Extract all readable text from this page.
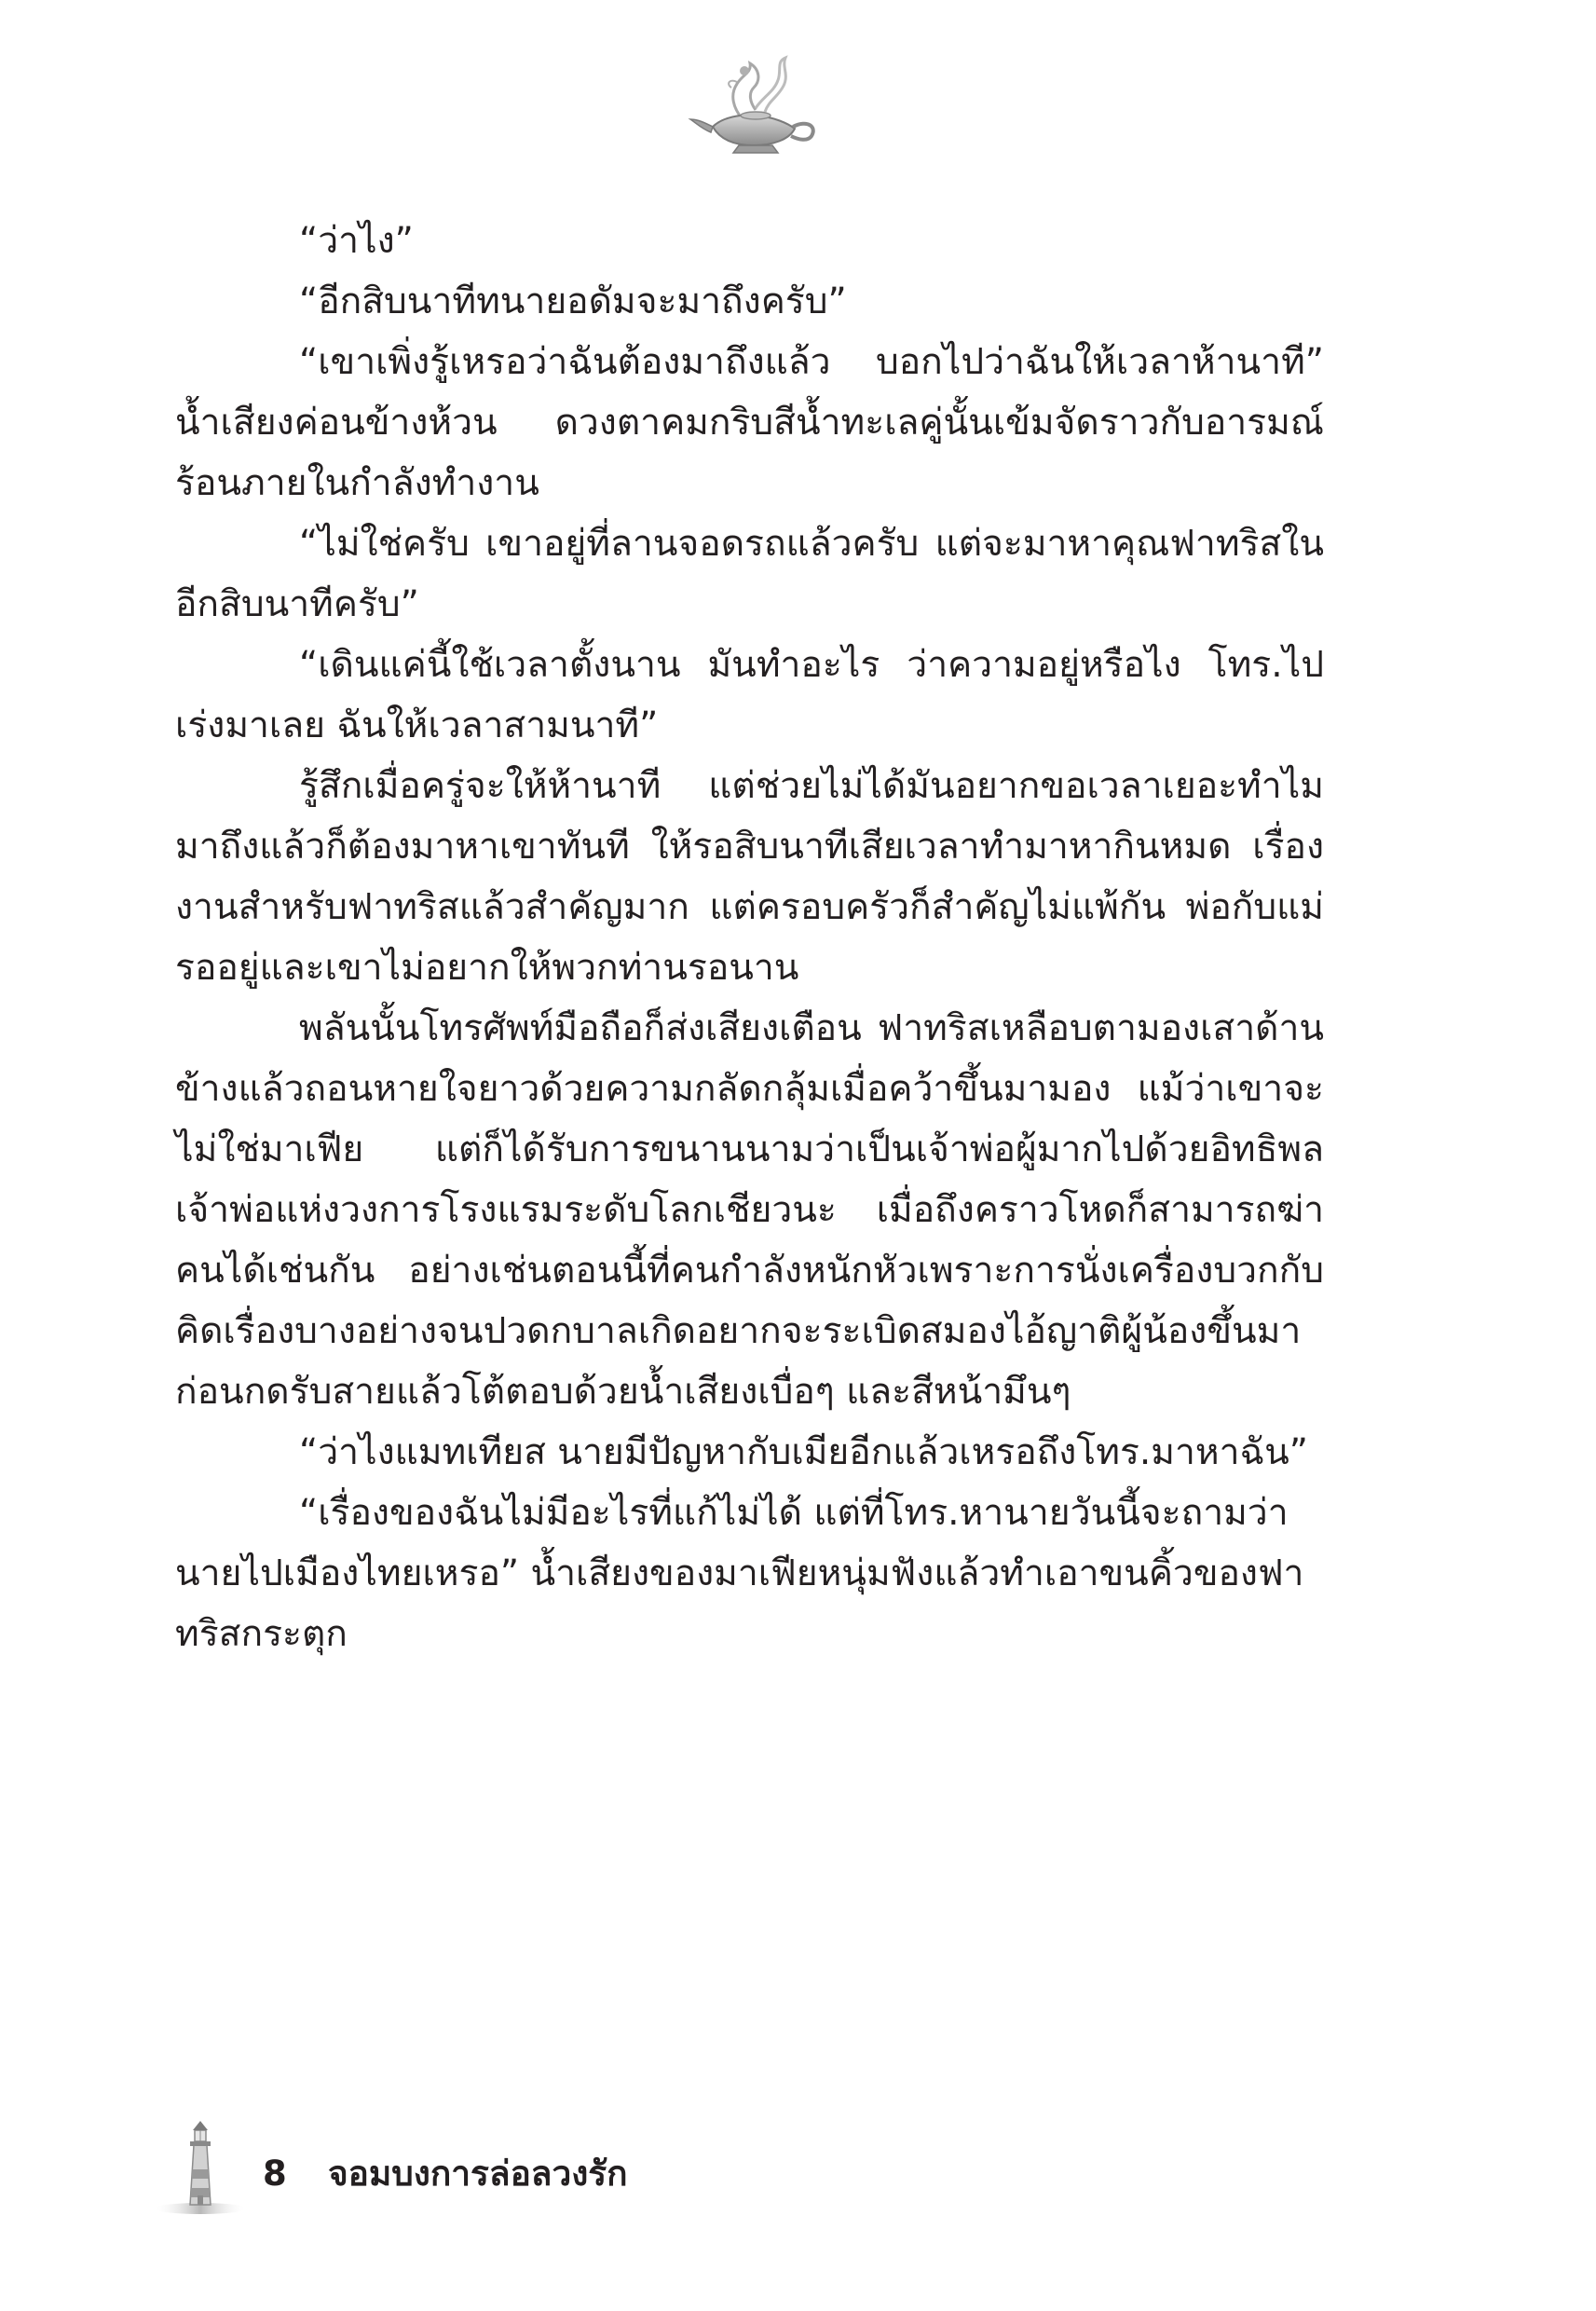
“ว่าไง”

“อีกสิบนาทีทนายอดัมจะมาถึงครับ”

“เขาเพิ่งรู้เหรอว่าฉันต้องมาถึงแล้ว บอกไปว่าฉันให้เวลาห้านาที” น้ำเสียงค่อนข้างห้วน ดวงตาคมกริบสีน้ำทะเลคู่นั้นเข้มจัดราวกับอารมณ์ร้อนภายในกำลังทำงาน

“ไม่ใช่ครับ เขาอยู่ที่ลานจอดรถแล้วครับ แต่จะมาหาคุณฟาทริสในอีกสิบนาทีครับ”

“เดินแค่นี้ใช้เวลาตั้งนาน มันทำอะไร ว่าความอยู่หรือไง โทร.ไปเร่งมาเลย ฉันให้เวลาสามนาที”

รู้สึกเมื่อครู่จะให้ห้านาที แต่ช่วยไม่ได้มันอยากขอเวลาเยอะทำไม มาถึงแล้วก็ต้องมาหาเขาทันที ให้รอสิบนาทีเสียเวลาทำมาหากินหมด เรื่องงานสำหรับฟาทริสแล้วสำคัญมาก แต่ครอบครัวก็สำคัญไม่แพ้กัน พ่อกับแม่รออยู่และเขาไม่อยากให้พวกท่านรอนาน

พลันนั้นโทรศัพท์มือถือก็ส่งเสียงเตือน ฟาทริสเหลือบตามองเสาด้านข้างแล้วถอนหายใจยาวด้วยความกลัดกลุ้มเมื่อคว้าขึ้นมามอง แม้ว่าเขาจะไม่ใช่มาเฟีย แต่ก็ได้รับการขนานนามว่าเป็นเจ้าพ่อผู้มากไปด้วยอิทธิพล เจ้าพ่อแห่งวงการโรงแรมระดับโลกเชียวนะ เมื่อถึงคราวโหดก็สามารถฆ่าคนได้เช่นกัน อย่างเช่นตอนนี้ที่คนกำลังหนักหัวเพราะการนั่งเครื่องบวกกับคิดเรื่องบางอย่างจนปวดกบาลเกิดอยากจะระเบิดสมองไอ้ญาติผู้น้องขึ้นมา ก่อนกดรับสายแล้วโต้ตอบด้วยน้ำเสียงเบื่อๆ และสีหน้ามึนๆ

“ว่าไงแมทเทียส นายมีปัญหากับเมียอีกแล้วเหรอถึงโทร.มาหาฉัน”

“เรื่องของฉันไม่มีอะไรที่แก้ไม่ได้ แต่ที่โทร.หานายวันนี้จะถามว่านายไปเมืองไทยเหรอ” น้ำเสียงของมาเฟียหนุ่มฟังแล้วทำเอาขนคิ้วของฟาทริสกระตุก

8 จอมบงการล่อลวงรัก
